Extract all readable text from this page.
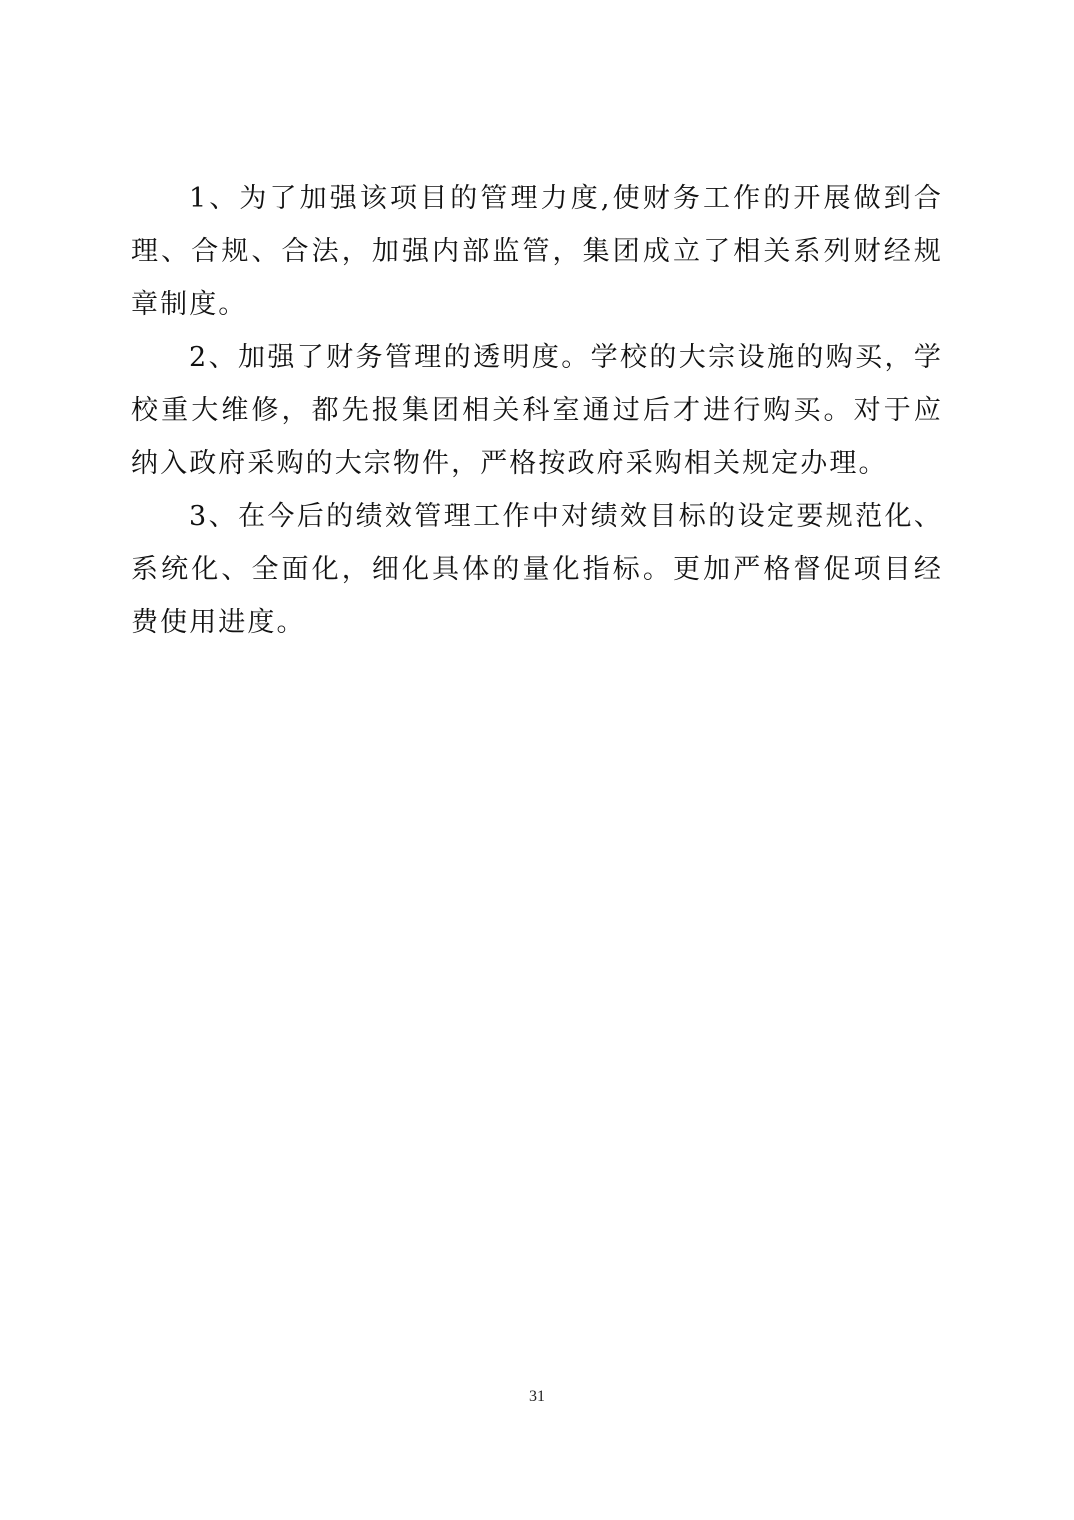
1、为了加强该项目的管理力度,使财务工作的开展做到合理、合规、合法，加强内部监管，集团成立了相关系列财经规章制度。

2、加强了财务管理的透明度。学校的大宗设施的购买，学校重大维修，都先报集团相关科室通过后才进行购买。对于应纳入政府采购的大宗物件，严格按政府采购相关规定办理。

3、在今后的绩效管理工作中对绩效目标的设定要规范化、系统化、全面化，细化具体的量化指标。更加严格督促项目经费使用进度。

31
